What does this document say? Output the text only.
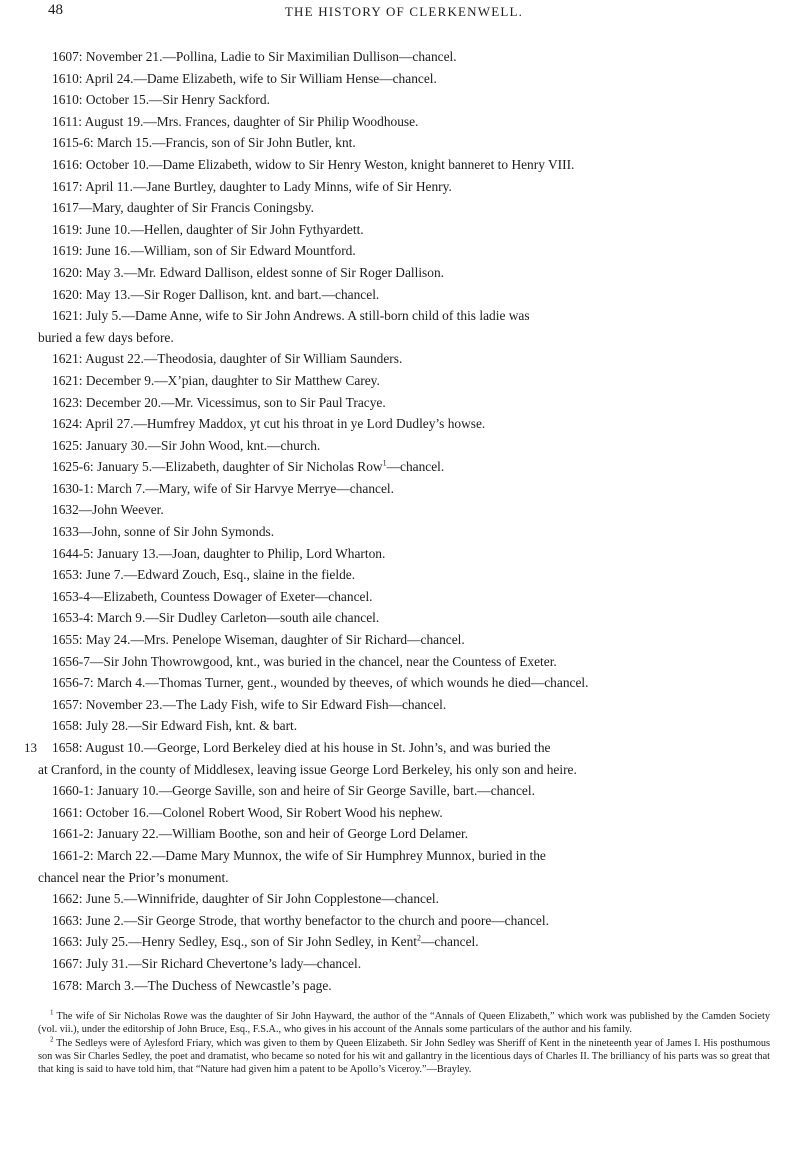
48	THE HISTORY OF CLERKENWELL.
1607: November 21.—Pollina, Ladie to Sir Maximilian Dullison—chancel.
1610: April 24.—Dame Elizabeth, wife to Sir William Hense—chancel.
1610: October 15.—Sir Henry Sackford.
1611: August 19.—Mrs. Frances, daughter of Sir Philip Woodhouse.
1615-6: March 15.—Francis, son of Sir John Butler, knt.
1616: October 10.—Dame Elizabeth, widow to Sir Henry Weston, knight banneret to Henry VIII.
1617: April 11.—Jane Burtley, daughter to Lady Minns, wife of Sir Henry.
1617—Mary, daughter of Sir Francis Coningsby.
1619: June 10.—Hellen, daughter of Sir John Fythyardett.
1619: June 16.—William, son of Sir Edward Mountford.
1620: May 3.—Mr. Edward Dallison, eldest sonne of Sir Roger Dallison.
1620: May 13.—Sir Roger Dallison, knt. and bart.—chancel.
1621: July 5.—Dame Anne, wife to Sir John Andrews. A still-born child of this ladie was
buried a few days before.
1621: August 22.—Theodosia, daughter of Sir William Saunders.
1621: December 9.—X’pian, daughter to Sir Matthew Carey.
1623: December 20.—Mr. Vicessimus, son to Sir Paul Tracye.
1624: April 27.—Humfrey Maddox, yt cut his throat in ye Lord Dudley’s howse.
1625: January 30.—Sir John Wood, knt.—church.
1625-6: January 5.—Elizabeth, daughter of Sir Nicholas Row$^1$—chancel.
1630-1: March 7.—Mary, wife of Sir Harvye Merrye—chancel.
1632—John Weever.
1633—John, sonne of Sir John Symonds.
1644-5: January 13.—Joan, daughter to Philip, Lord Wharton.
1653: June 7.—Edward Zouch, Esq., slaine in the fielde.
1653-4—Elizabeth, Countess Dowager of Exeter—chancel.
1653-4: March 9.—Sir Dudley Carleton—south aile chancel.
1655: May 24.—Mrs. Penelope Wiseman, daughter of Sir Richard—chancel.
1656-7—Sir John Thowrowgood, knt., was buried in the chancel, near the Countess of Exeter.
1656-7: March 4.—Thomas Turner, gent., wounded by theeves, of which wounds he died—chancel.
1657: November 23.—The Lady Fish, wife to Sir Edward Fish—chancel.
1658: July 28.—Sir Edward Fish, knt. & bart.
13 1658: August 10.—George, Lord Berkeley died at his house in St. John’s, and was buried the
at Cranford, in the county of Middlesex, leaving issue George Lord Berkeley, his only son and heire.
1660-1: January 10.—George Saville, son and heire of Sir George Saville, bart.—chancel.
1661: October 16.—Colonel Robert Wood, Sir Robert Wood his nephew.
1661-2: January 22.—William Boothe, son and heir of George Lord Delamer.
1661-2: March 22.—Dame Mary Munnox, the wife of Sir Humphrey Munnox, buried in the
chancel near the Prior’s monument.
1662: June 5.—Winnifride, daughter of Sir John Copplestone—chancel.
1663: June 2.—Sir George Strode, that worthy benefactor to the church and poore—chancel.
1663: July 25.—Henry Sedley, Esq., son of Sir John Sedley, in Kent$^2$—chancel.
1667: July 31.—Sir Richard Chevertone’s lady—chancel.
1678: March 3.—The Duchess of Newcastle’s page.

$^1$ The wife of Sir Nicholas Rowe was the daughter of Sir John Hayward, the author of the “Annals of Queen Elizabeth,” which work was published by the Camden Society (vol. vii.), under the editorship of John Bruce, Esq., F.S.A., who gives in his account of the Annals some particulars of the author and his family.

$^2$ The Sedleys were of Aylesford Friary, which was given to them by Queen Elizabeth. Sir John Sedley was Sheriff of Kent in the nineteenth year of James I. His posthumous son was Sir Charles Sedley, the poet and dramatist, who became so noted for his wit and gallantry in the licentious days of Charles II. The brilliancy of his parts was so great that that king is said to have told him, that “Nature had given him a patent to be Apollo’s Viceroy.”—Brayley.
